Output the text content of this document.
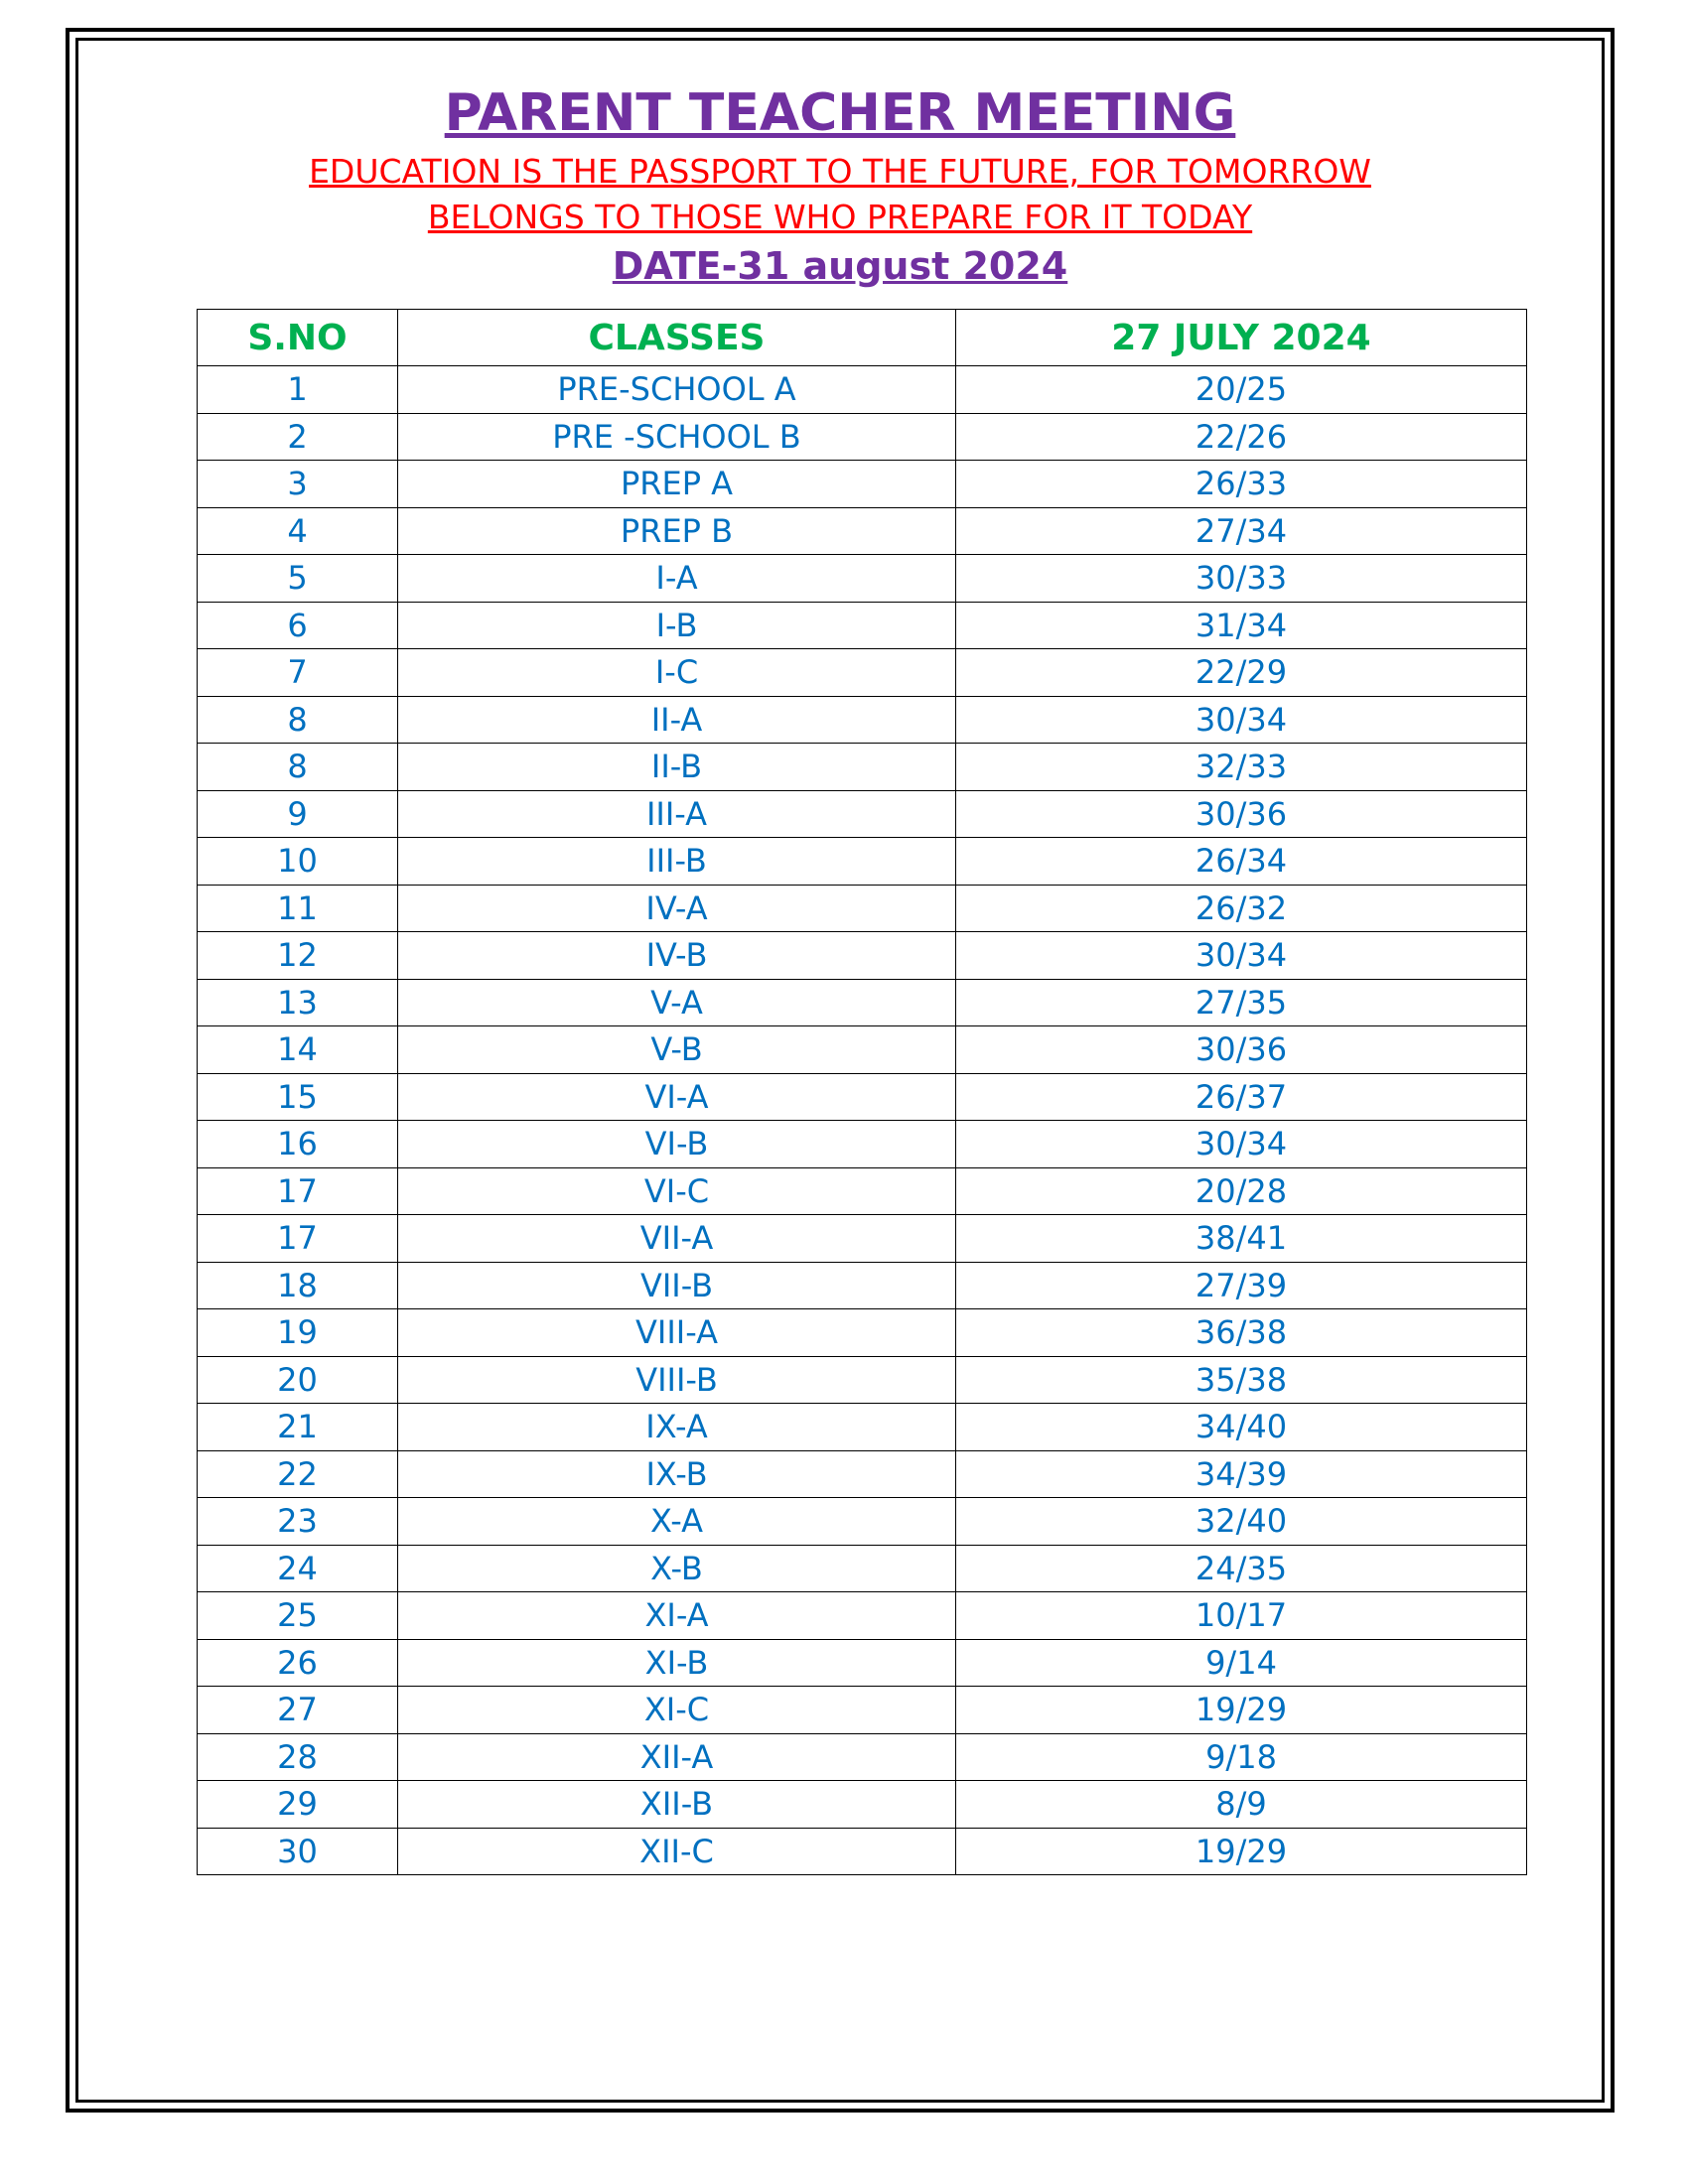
PARENT TEACHER MEETING

EDUCATION IS THE PASSPORT TO THE FUTURE, FOR TOMORROW

BELONGS TO THOSE WHO PREPARE FOR IT TODAY

DATE-31 august 2024

S.NO	CLASSES	27 JULY 2024
1	PRE-SCHOOL A	20/25
2	PRE -SCHOOL B	22/26
3	PREP A	26/33
4	PREP B	27/34
5	I-A	30/33
6	I-B	31/34
7	I-C	22/29
8	II-A	30/34
8	II-B	32/33
9	III-A	30/36
10	III-B	26/34
11	IV-A	26/32
12	IV-B	30/34
13	V-A	27/35
14	V-B	30/36
15	VI-A	26/37
16	VI-B	30/34
17	VI-C	20/28
17	VII-A	38/41
18	VII-B	27/39
19	VIII-A	36/38
20	VIII-B	35/38
21	IX-A	34/40
22	IX-B	34/39
23	X-A	32/40
24	X-B	24/35
25	XI-A	10/17
26	XI-B	9/14
27	XI-C	19/29
28	XII-A	9/18
29	XII-B	8/9
30	XII-C	19/29
